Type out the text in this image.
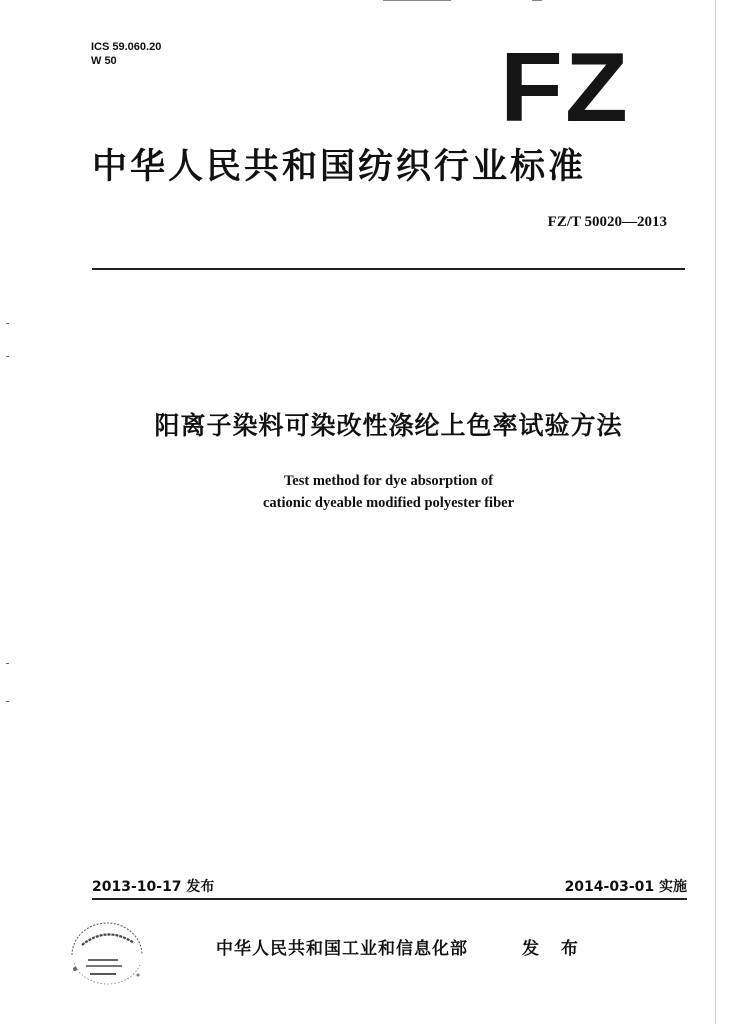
ICS 59.060.20
W 50	FZ
中华人民共和国纺织行业标准
FZ/T 50020—2013
阳离子染料可染改性涤纶上色率试验方法
Test method for dye absorption of
cationic dyeable modified polyester fiber
2013-10-17 发布	2014-03-01 实施
中华人民共和国工业和信息化部	发 布
